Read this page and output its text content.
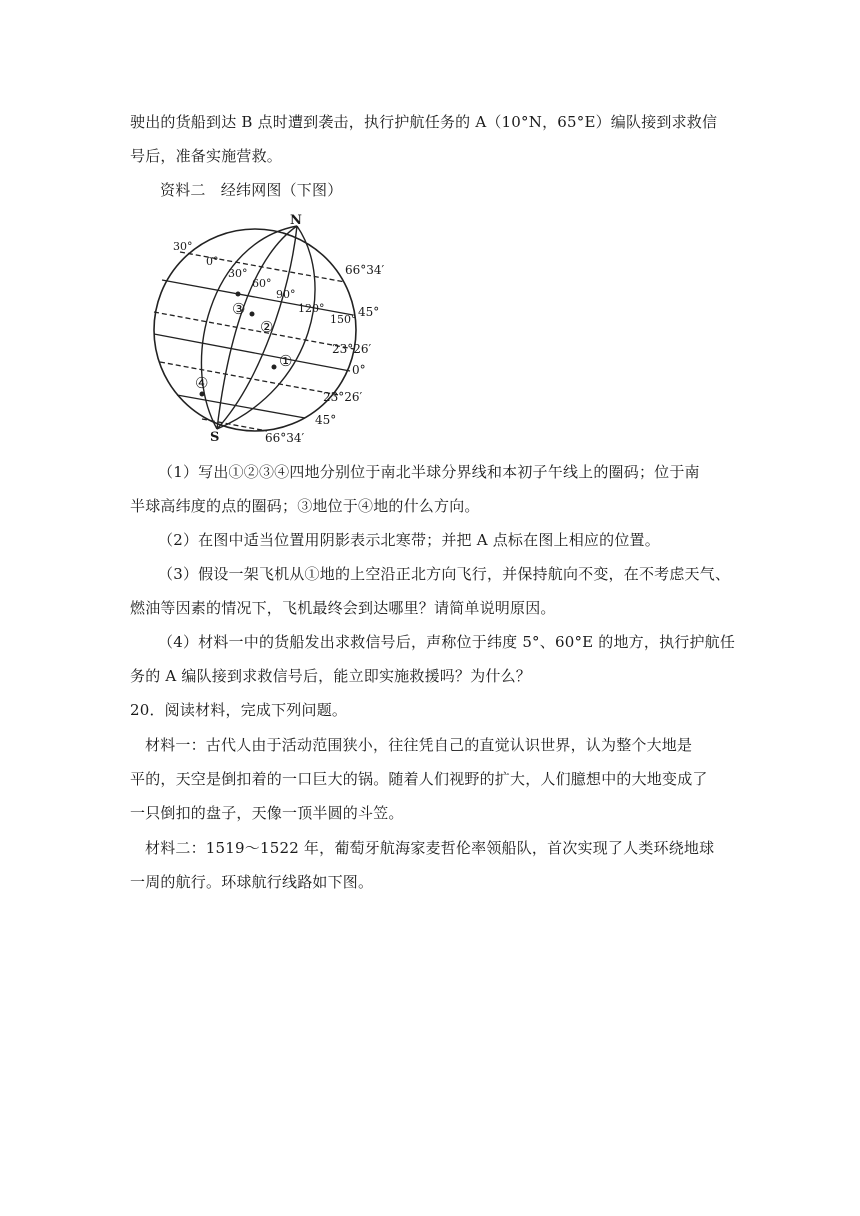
驶出的货船到达 B 点时遭到袭击，执行护航任务的 A（10°N，65°E）编队接到求救信
号后，准备实施营救。
资料二　经纬网图（下图）
N
S
30°
0°
30°
60°
90°
120°
150°
66°34′
45°
23°26′
0°
23°26′
45°
66°34′
①
②
③
④
（1）写出①②③④四地分别位于南北半球分界线和本初子午线上的圈码；位于南
半球高纬度的点的圈码；③地位于④地的什么方向。
（2）在图中适当位置用阴影表示北寒带；并把 A 点标在图上相应的位置。
（3）假设一架飞机从①地的上空沿正北方向飞行，并保持航向不变，在不考虑天气、
燃油等因素的情况下，飞机最终会到达哪里？请简单说明原因。
（4）材料一中的货船发出求救信号后，声称位于纬度 5°、60°E 的地方，执行护航任
务的 A 编队接到求救信号后，能立即实施救援吗？为什么？
20．阅读材料，完成下列问题。
材料一：古代人由于活动范围狭小，往往凭自己的直觉认识世界，认为整个大地是
平的，天空是倒扣着的一口巨大的锅。随着人们视野的扩大，人们臆想中的大地变成了
一只倒扣的盘子，天像一顶半圆的斗笠。
材料二：1519～1522 年，葡萄牙航海家麦哲伦率领船队，首次实现了人类环绕地球
一周的航行。环球航行线路如下图。
